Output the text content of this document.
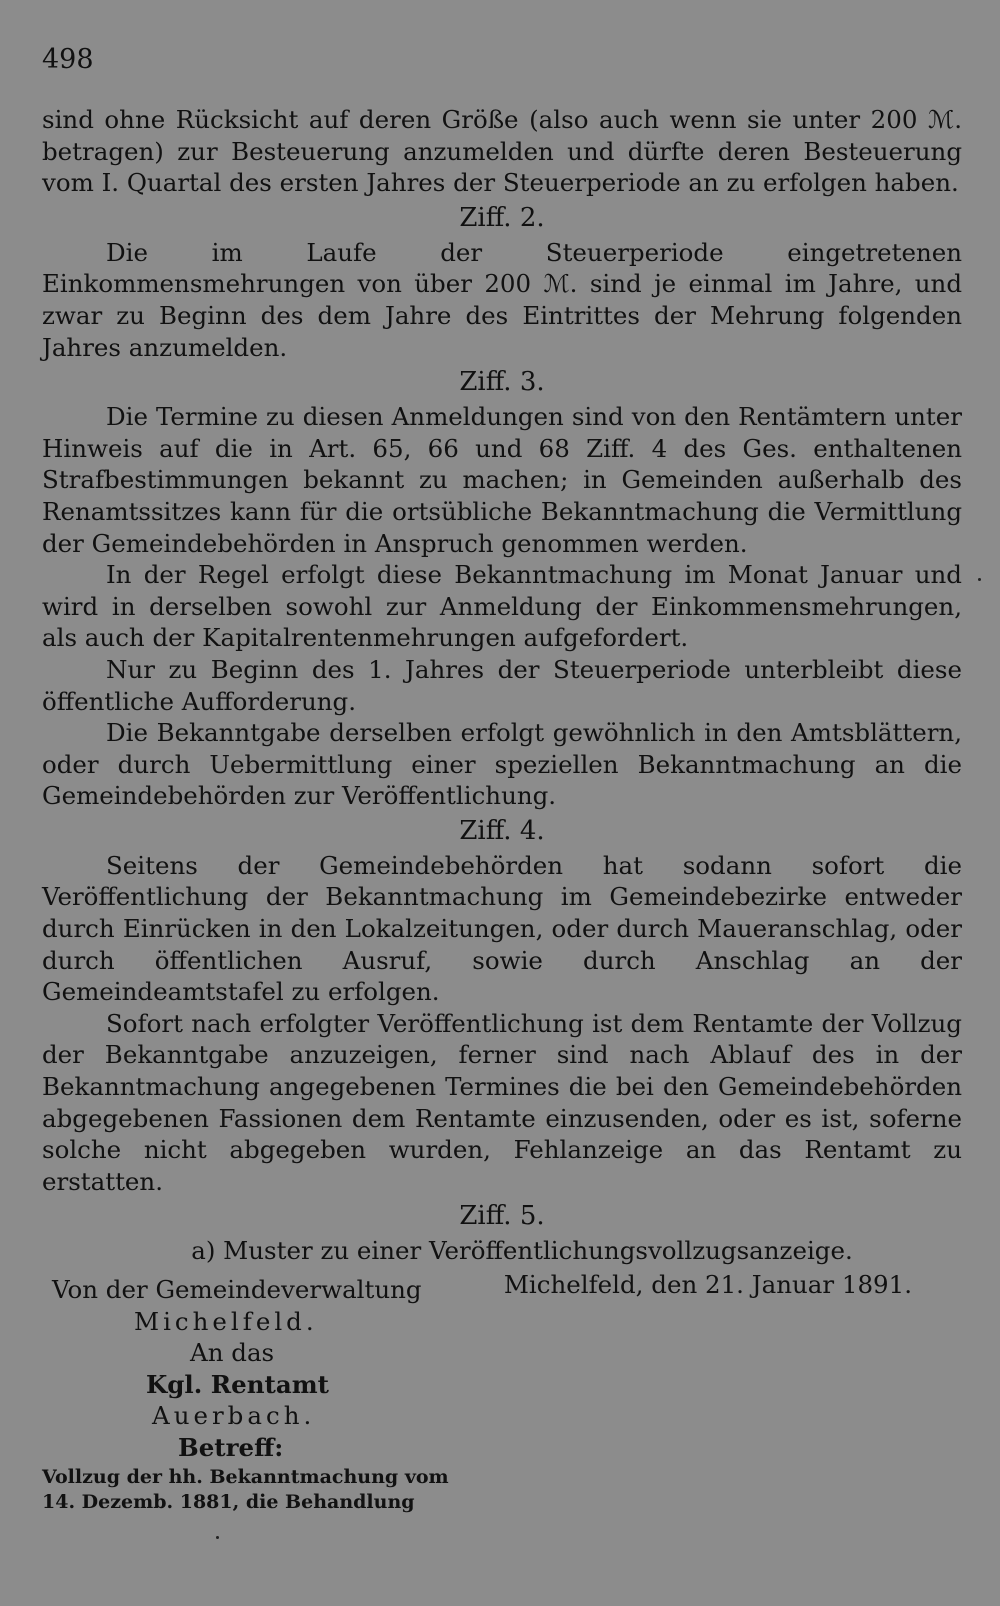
498

sind ohne Rücksicht auf deren Größe (also auch wenn sie unter 200 ℳ. betragen) zur Besteuerung anzumelden und dürfte deren Besteuerung vom I. Quartal des ersten Jahres der Steuerperiode an zu erfolgen haben.

Ziff. 2.

Die im Laufe der Steuerperiode eingetretenen Einkommensmehrungen von über 200 ℳ. sind je einmal im Jahre, und zwar zu Beginn des dem Jahre des Eintrittes der Mehrung folgenden Jahres anzumelden.

Ziff. 3.

Die Termine zu diesen Anmeldungen sind von den Rentämtern unter Hinweis auf die in Art. 65, 66 und 68 Ziff. 4 des Ges. enthaltenen Strafbestimmungen bekannt zu machen; in Gemeinden außerhalb des Renamtssitzes kann für die ortsübliche Bekanntmachung die Vermittlung der Gemeindebehörden in Anspruch genommen werden.

In der Regel erfolgt diese Bekanntmachung im Monat Januar und wird in derselben sowohl zur Anmeldung der Einkommensmehrungen, als auch der Kapitalrentenmehrungen aufgefordert.

Nur zu Beginn des 1. Jahres der Steuerperiode unterbleibt diese öffentliche Aufforderung.

Die Bekanntgabe derselben erfolgt gewöhnlich in den Amtsblättern, oder durch Uebermittlung einer speziellen Bekanntmachung an die Gemeindebehörden zur Veröffentlichung.

Ziff. 4.

Seitens der Gemeindebehörden hat sodann sofort die Veröffentlichung der Bekanntmachung im Gemeindebezirke entweder durch Einrücken in den Lokalzeitungen, oder durch Maueranschlag, oder durch öffentlichen Ausruf, sowie durch Anschlag an der Gemeindeamtstafel zu erfolgen.

Sofort nach erfolgter Veröffentlichung ist dem Rentamte der Vollzug der Bekanntgabe anzuzeigen, ferner sind nach Ablauf des in der Bekanntmachung angegebenen Termines die bei den Gemeindebehörden abgegebenen Fassionen dem Rentamte einzusenden, oder es ist, soferne solche nicht abgegeben wurden, Fehlanzeige an das Rentamt zu erstatten.

Ziff. 5.

a) Muster zu einer Veröffentlichungsvollzugsanzeige.

Michelfeld, den 21. Januar 1891.

Von der Gemeindeverwaltung

Michelfeld.

An das

Kgl. Rentamt

Auerbach.

Betreff:

Vollzug der hh. Bekanntmachung vom
14. Dezemb. 1881, die Behandlung
